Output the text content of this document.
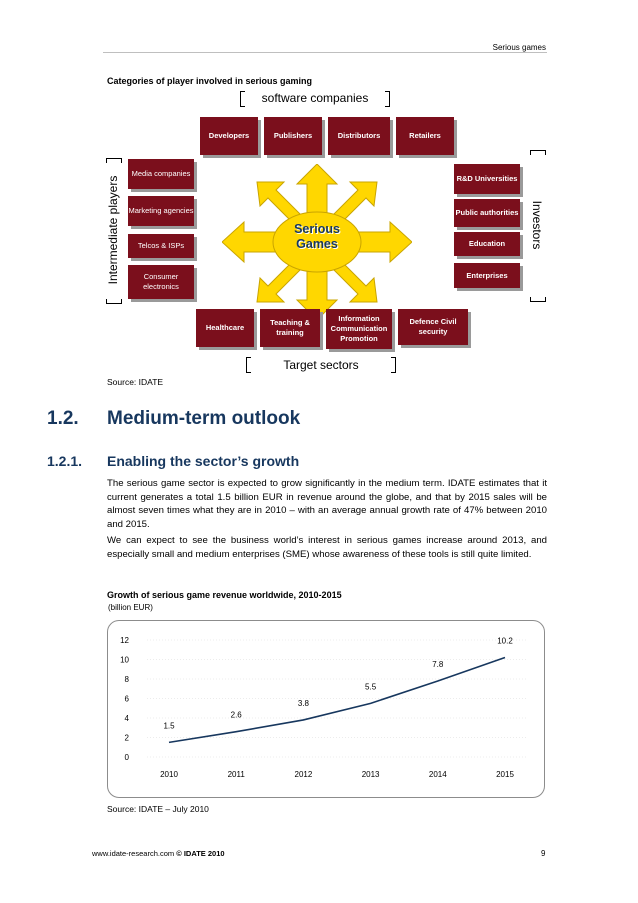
Serious games
Categories of player involved in serious gaming
software companies
Developers	Publishers	Distributors	Retailers
Intermediate players
Media companies
Marketing agencies
Telcos & ISPs
Consumer electronics
Serious Games	Investors
R&D Universities
Public authorities
Education
Enterprises
Healthcare
Teaching & training
Information Communication Promotion
Defence Civil security
Target sectors
Source: IDATE
1.2. Medium-term outlook
1.2.1. Enabling the sector’s growth
The serious game sector is expected to grow significantly in the medium term. IDATE estimates that it current generates a total 1.5 billion EUR in revenue around the globe, and that by 2015 sales will be almost seven times what they are in 2010 – with an average annual growth rate of 47% between 2010 and 2015.
We can expect to see the business world’s interest in serious games increase around 2013, and especially small and medium enterprises (SME) whose awareness of these tools is still quite limited.
Growth of serious game revenue worldwide, 2010-2015
(billion EUR)
0
2
4
6
8
10
12
2010	2011	2012	2013	2014	2015
1.5
2.6
3.8
5.5
7.8
10.2
Source: IDATE – July 2010
www.idate-research.com © IDATE 2010	9
